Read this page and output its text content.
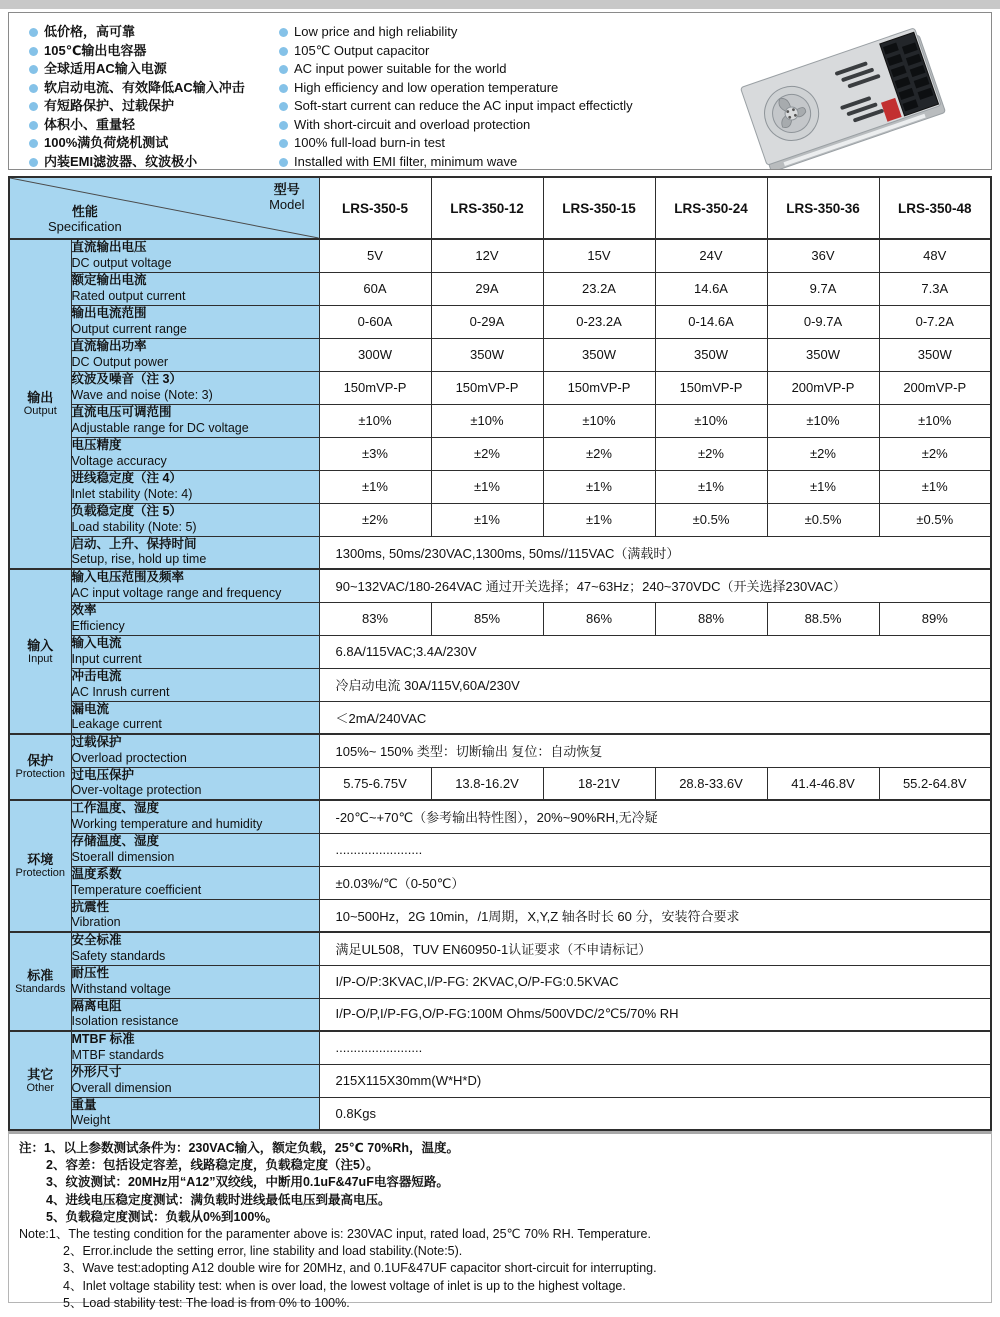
低价格，高可靠
105℃输出电容器
全球适用AC输入电源
软启动电流、有效降低AC输入冲击
有短路保护、过载保护
体积小、重量轻
100%满负荷烧机测试
内装EMI滤波器、纹波极小
Low price and high reliability
105℃ Output capacitor
AC input power suitable for the world
High efficiency and low operation temperature
Soft-start current can reduce the AC input impact effectictly
With short-circuit and overload protection
100% full-load burn-in test
Installed with EMI filter, minimum wave
型号
Model
性能
Specification		LRS-350-5	LRS-350-12	LRS-350-15	LRS-350-24	LRS-350-36	LRS-350-48

输出
Output

直流输出电压
DC output voltage	5V	12V	15V	24V	36V	48V

	额定输出电流
Rated output current	60A	29A	23.2A	14.6A	9.7A	7.3A

	输出电流范围
Output current range	0-60A	0-29A	0-23.2A	0-14.6A	0-9.7A	0-7.2A

	直流输出功率
DC Output power	300W	350W	350W	350W	350W	350W

	纹波及噪音（注 3）
Wave and noise (Note: 3)	150mVP-P	150mVP-P	150mVP-P	150mVP-P	200mVP-P	200mVP-P

	直流电压可调范围
Adjustable range for DC voltage	±10%	±10%	±10%	±10%	±10%	±10%

	电压精度
Voltage accuracy	±3%	±2%	±2%	±2%	±2%	±2%

	进线稳定度（注 4）
Inlet stability (Note: 4)	±1%	±1%	±1%	±1%	±1%	±1%

	负载稳定度（注 5）
Load stability (Note: 5)	±2%	±1%	±1%	±0.5%	±0.5%	±0.5%

	启动、上升、保持时间
Setup, rise, hold up time	1300ms, 50ms/230VAC,1300ms, 50ms//115VAC（满载时）					

输入
Input

输入电压范围及频率
AC input voltage range and frequency	90~132VAC/180-264VAC 通过开关选择；47~63Hz；240~370VDC（开关选择230VAC）

	效率
Efficiency	83%	85%	86%	88%	88.5%	89%

	输入电流
Input current	6.8A/115VAC;3.4A/230V					

	冲击电流
AC Inrush current	冷启动电流 30A/115V,60A/230V					

	漏电流
Leakage current	＜2mA/240VAC					

保护
Protection

过载保护
Overload proctection	105%~ 150% 类型：切断输出 复位：自动恢复

	过电压保护
Over-voltage protection	5.75-6.75V	13.8-16.2V	18-21V	28.8-33.6V	41.4-46.8V	55.2-64.8V

环境
Protection

工作温度、湿度
Working temperature and humidity	-20℃~+70℃（参考输出特性图），20%~90%RH,无冷疑

	存储温度、湿度
Stoerall dimension	........................					

	温度系数
Temperature coefficient	±0.03%/℃（0-50℃）					

	抗震性
Vibration	10~500Hz，2G 10min，/1周期，X,Y,Z 轴各时长 60 分，安装符合要求					

标准
Standards

安全标准
Safety standards	满足UL508，TUV EN60950-1认证要求（不申请标记）

	耐压性
Withstand voltage	I/P-O/P:3KVAC,I/P-FG: 2KVAC,O/P-FG:0.5KVAC					

	隔离电阻
Isolation resistance	I/P-O/P,I/P-FG,O/P-FG:100M Ohms/500VDC/2℃5/70% RH					

其它
Other

MTBF 标准
MTBF standards	........................

	外形尺寸
Overall dimension	215X115X30mm(W*H*D)					

	重量
Weight	0.8Kgs					
注：1、以上参数测试条件为：230VAC输入，额定负载，25℃ 70%Rh，温度。
2、容差：包括设定容差，线路稳定度，负载稳定度（注5）。
3、纹波测试：20MHz用“A12”双绞线，中断用0.1uF&47uF电容器短路。
4、进线电压稳定度测试：满负载时进线最低电压到最高电压。
5、负载稳定度测试：负载从0%到100%。
Note:1、The testing condition for the paramenter above is: 230VAC input, rated load, 25℃ 70% RH. Temperature.
2、Error.include the setting error, line stability and load stability.(Note:5).
3、Wave test:adopting A12 double wire for 20MHz, and 0.1UF&47UF capacitor short-circuit for interrupting.
4、Inlet voltage stability test: when is over load, the lowest voltage of inlet is up to the highest voltage.
5、Load stability test: The load is from 0% to 100%.
